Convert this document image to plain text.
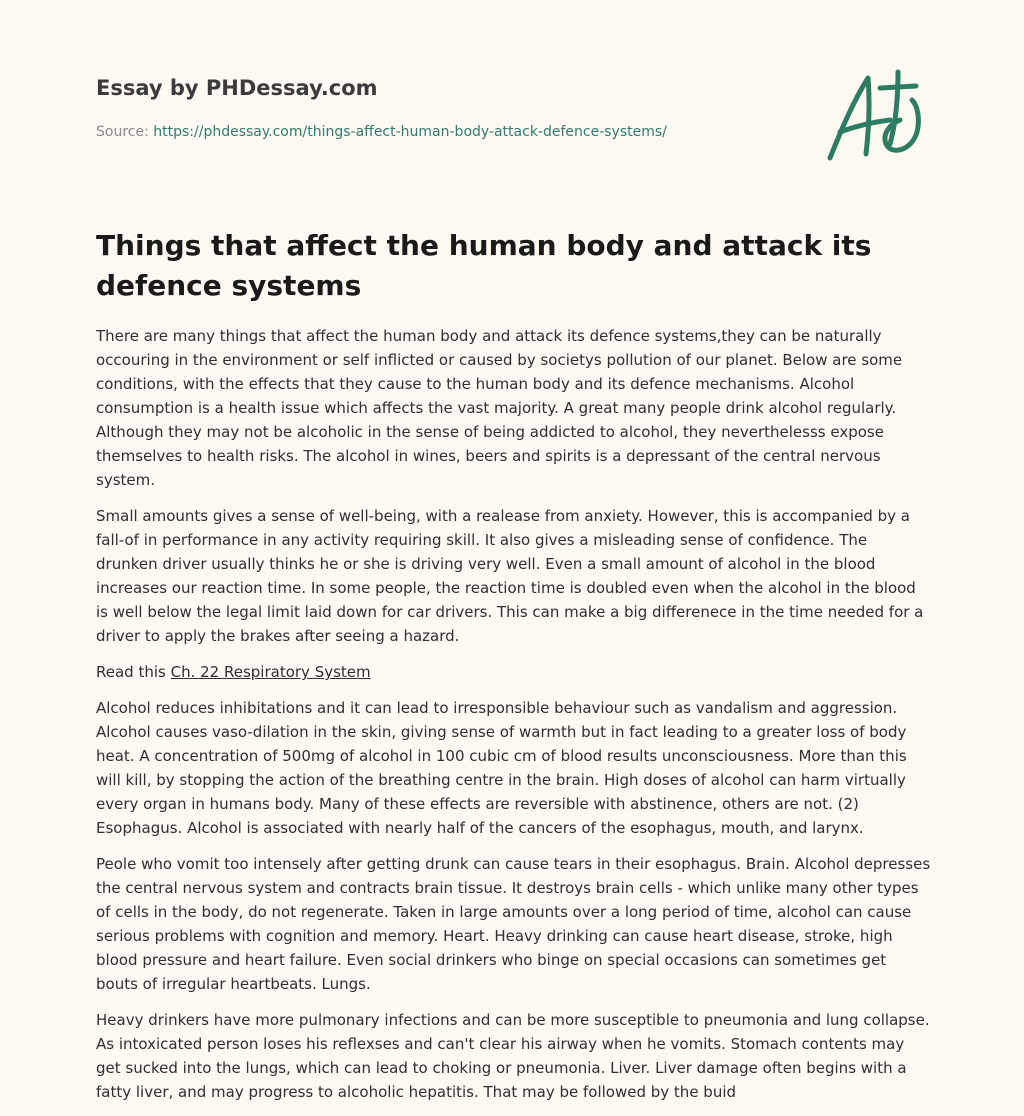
Essay by PHDessay.com
Source: https://phdessay.com/things-affect-human-body-attack-defence-systems/
Things that affect the human body and attack its defence systems

There are many things that affect the human body and attack its defence systems,they can be naturally occouring in the environment or self inflicted or caused by societys pollution of our planet. Below are some conditions, with the effects that they cause to the human body and its defence mechanisms. Alcohol consumption is a health issue which affects the vast majority. A great many people drink alcohol regularly. Although they may not be alcoholic in the sense of being addicted to alcohol, they neverthelesss expose themselves to health risks. The alcohol in wines, beers and spirits is a depressant of the central nervous system.

Small amounts gives a sense of well-being, with a realease from anxiety. However, this is accompanied by a fall-of in performance in any activity requiring skill. It also gives a misleading sense of confidence. The drunken driver usually thinks he or she is driving very well. Even a small amount of alcohol in the blood increases our reaction time. In some people, the reaction time is doubled even when the alcohol in the blood is well below the legal limit laid down for car drivers. This can make a big differenece in the time needed for a driver to apply the brakes after seeing a hazard.

Read this Ch. 22 Respiratory System

Alcohol reduces inhibitations and it can lead to irresponsible behaviour such as vandalism and aggression. Alcohol causes vaso-dilation in the skin, giving sense of warmth but in fact leading to a greater loss of body heat. A concentration of 500mg of alcohol in 100 cubic cm of blood results unconsciousness. More than this will kill, by stopping the action of the breathing centre in the brain. High doses of alcohol can harm virtually every organ in humans body. Many of these effects are reversible with abstinence, others are not. (2) Esophagus. Alcohol is associated with nearly half of the cancers of the esophagus, mouth, and larynx.

Peole who vomit too intensely after getting drunk can cause tears in their esophagus. Brain. Alcohol depresses the central nervous system and contracts brain tissue. It destroys brain cells - which unlike many other types of cells in the body, do not regenerate. Taken in large amounts over a long period of time, alcohol can cause serious problems with cognition and memory. Heart. Heavy drinking can cause heart disease, stroke, high blood pressure and heart failure. Even social drinkers who binge on special occasions can sometimes get bouts of irregular heartbeats. Lungs.

Heavy drinkers have more pulmonary infections and can be more susceptible to pneumonia and lung collapse. As intoxicated person loses his reflexses and can't clear his airway when he vomits. Stomach contents may get sucked into the lungs, which can lead to choking or pneumonia. Liver. Liver damage often begins with a fatty liver, and may progress to alcoholic hepatitis. That may be followed by the buid
